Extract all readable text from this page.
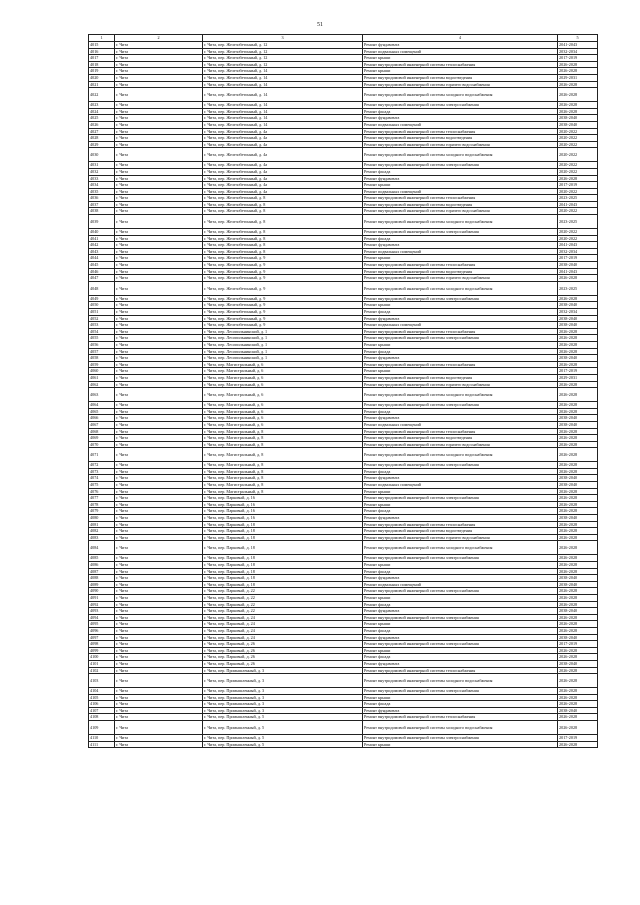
51
1	2	3	4	5
4015	г. Чита	г. Чита, пер. Железобетонный, д. 12	Ремонт фундамента	2041-2043
4016	г. Чита	г. Чита, пер. Железобетонный, д. 12	Ремонт подвальных помещений	2032-2034
4017	г. Чита	г. Чита, пер. Железобетонный, д. 12	Ремонт крыши	2017-2019
4018	г. Чита	г. Чита, пер. Железобетонный, д. 12	Ремонт внутридомовой инженерной системы теплоснабжения	2026-2028
4019	г. Чита	г. Чита, пер. Железобетонный, д. 14	Ремонт крыши	2026-2028
4020	г. Чита	г. Чита, пер. Железобетонный, д. 14	Ремонт внутридомовой инженерной системы водоотведения	2029-2031
4021	г. Чита	г. Чита, пер. Железобетонный, д. 14	Ремонт внутридомовой инженерной системы горячего водоснабжения	2026-2028
4022	г. Чита	г. Чита, пер. Железобетонный, д. 14	Ремонт внутридомовой инженерной системы холодного водоснабжения	2026-2028
4023	г. Чита	г. Чита, пер. Железобетонный, д. 14	Ремонт внутридомовой инженерной системы электроснабжения	2026-2028
4024	г. Чита	г. Чита, пер. Железобетонный, д. 14	Ремонт фасада	2026-2028
4025	г. Чита	г. Чита, пер. Железобетонный, д. 14	Ремонт фундамента	2038-2040
4026	г. Чита	г. Чита, пер. Железобетонный, д. 14	Ремонт подвальных помещений	2038-2040
4027	г. Чита	г. Чита, пер. Железобетонный, д. 4а	Ремонт внутридомовой инженерной системы теплоснабжения	2020-2022
4028	г. Чита	г. Чита, пер. Железобетонный, д. 4а	Ремонт внутридомовой инженерной системы водоотведения	2020-2022
4029	г. Чита	г. Чита, пер. Железобетонный, д. 4а	Ремонт внутридомовой инженерной системы горячего водоснабжения	2020-2022
4030	г. Чита	г. Чита, пер. Железобетонный, д. 4а	Ремонт внутридомовой инженерной системы холодного водоснабжения	2020-2022
4031	г. Чита	г. Чита, пер. Железобетонный, д. 4а	Ремонт внутридомовой инженерной системы электроснабжения	2020-2022
4032	г. Чита	г. Чита, пер. Железобетонный, д. 4а	Ремонт фасада	2020-2022
4033	г. Чита	г. Чита, пер. Железобетонный, д. 4а	Ремонт фундамента	2026-2028
4034	г. Чита	г. Чита, пер. Железобетонный, д. 4а	Ремонт крыши	2017-2019
4035	г. Чита	г. Чита, пер. Железобетонный, д. 4а	Ремонт подвальных помещений	2020-2022
4036	г. Чита	г. Чита, пер. Железобетонный, д. 8	Ремонт внутридомовой инженерной системы теплоснабжения	2023-2025
4037	г. Чита	г. Чита, пер. Железобетонный, д. 8	Ремонт внутридомовой инженерной системы водоотведения	2041-2043
4038	г. Чита	г. Чита, пер. Железобетонный, д. 8	Ремонт внутридомовой инженерной системы горячего водоснабжения	2020-2022
4039	г. Чита	г. Чита, пер. Железобетонный, д. 8	Ремонт внутридомовой инженерной системы холодного водоснабжения	2023-2025
4040	г. Чита	г. Чита, пер. Железобетонный, д. 8	Ремонт внутридомовой инженерной системы электроснабжения	2020-2022
4041	г. Чита	г. Чита, пер. Железобетонный, д. 8	Ремонт фасада	2020-2022
4042	г. Чита	г. Чита, пер. Железобетонный, д. 8	Ремонт фундамента	2041-2043
4043	г. Чита	г. Чита, пер. Железобетонный, д. 8	Ремонт подвальных помещений	2032-2034
4044	г. Чита	г. Чита, пер. Железобетонный, д. 9	Ремонт крыши	2017-2019
4045	г. Чита	г. Чита, пер. Железобетонный, д. 9	Ремонт внутридомовой инженерной системы теплоснабжения	2038-2040
4046	г. Чита	г. Чита, пер. Железобетонный, д. 9	Ремонт внутридомовой инженерной системы водоотведения	2041-2043
4047	г. Чита	г. Чита, пер. Железобетонный, д. 9	Ремонт внутридомовой инженерной системы горячего водоснабжения	2026-2028
4048	г. Чита	г. Чита, пер. Железобетонный, д. 9	Ремонт внутридомовой инженерной системы холодного водоснабжения	2023-2025
4049	г. Чита	г. Чита, пер. Железобетонный, д. 9	Ремонт внутридомовой инженерной системы электроснабжения	2026-2028
4050	г. Чита	г. Чита, пер. Железобетонный, д. 9	Ремонт крыши	2038-2040
4051	г. Чита	г. Чита, пер. Железобетонный, д. 9	Ремонт фасада	2032-2034
4052	г. Чита	г. Чита, пер. Железобетонный, д. 9	Ремонт фундамента	2038-2040
4053	г. Чита	г. Чита, пер. Железобетонный, д. 9	Ремонт подвальных помещений	2038-2040
4054	г. Чита	г. Чита, пер. Лесопильнинский, д. 1	Ремонт внутридомовой инженерной системы теплоснабжения	2026-2028
4055	г. Чита	г. Чита, пер. Лесопильнинский, д. 1	Ремонт внутридомовой инженерной системы электроснабжения	2026-2028
4056	г. Чита	г. Чита, пер. Лесопильнинский, д. 1	Ремонт крыши	2026-2028
4057	г. Чита	г. Чита, пер. Лесопильнинский, д. 1	Ремонт фасада	2026-2028
4058	г. Чита	г. Чита, пер. Лесопильнинский, д. 1	Ремонт фундамента	2038-2040
4059	г. Чита	г. Чита, пер. Магистральный, д. 6	Ремонт внутридомовой инженерной системы теплоснабжения	2026-2028
4060	г. Чита	г. Чита, пер. Магистральный, д. 6	Ремонт крыши	2017-2019
4061	г. Чита	г. Чита, пер. Магистральный, д. 6	Ремонт внутридомовой инженерной системы водоотведения	2029-2031
4062	г. Чита	г. Чита, пер. Магистральный, д. 6	Ремонт внутридомовой инженерной системы горячего водоснабжения	2026-2028
4063	г. Чита	г. Чита, пер. Магистральный, д. 6	Ремонт внутридомовой инженерной системы холодного водоснабжения	2026-2028
4064	г. Чита	г. Чита, пер. Магистральный, д. 6	Ремонт внутридомовой инженерной системы электроснабжения	2026-2028
4065	г. Чита	г. Чита, пер. Магистральный, д. 6	Ремонт фасада	2026-2028
4066	г. Чита	г. Чита, пер. Магистральный, д. 6	Ремонт фундамента	2038-2040
4067	г. Чита	г. Чита, пер. Магистральный, д. 6	Ремонт подвальных помещений	2038-2040
4068	г. Чита	г. Чита, пер. Магистральный, д. 8	Ремонт внутридомовой инженерной системы теплоснабжения	2026-2028
4069	г. Чита	г. Чита, пер. Магистральный, д. 8	Ремонт внутридомовой инженерной системы водоотведения	2026-2028
4070	г. Чита	г. Чита, пер. Магистральный, д. 8	Ремонт внутридомовой инженерной системы горячего водоснабжения	2026-2028
4071	г. Чита	г. Чита, пер. Магистральный, д. 8	Ремонт внутридомовой инженерной системы холодного водоснабжения	2026-2028
4072	г. Чита	г. Чита, пер. Магистральный, д. 8	Ремонт внутридомовой инженерной системы электроснабжения	2026-2028
4073	г. Чита	г. Чита, пер. Магистральный, д. 8	Ремонт фасада	2026-2028
4074	г. Чита	г. Чита, пер. Магистральный, д. 8	Ремонт фундамента	2038-2040
4075	г. Чита	г. Чита, пер. Магистральный, д. 8	Ремонт подвальных помещений	2038-2040
4076	г. Чита	г. Чита, пер. Магистральный, д. 8	Ремонт крыши	2026-2028
4077	г. Чита	г. Чита, пер. Парковый, д. 16	Ремонт внутридомовой инженерной системы электроснабжения	2026-2028
4078	г. Чита	г. Чита, пер. Парковый, д. 16	Ремонт крыши	2026-2028
4079	г. Чита	г. Чита, пер. Парковый, д. 16	Ремонт фасада	2026-2028
4080	г. Чита	г. Чита, пер. Парковый, д. 16	Ремонт фундамента	2038-2040
4081	г. Чита	г. Чита, пер. Парковый, д. 18	Ремонт внутридомовой инженерной системы теплоснабжения	2026-2028
4082	г. Чита	г. Чита, пер. Парковый, д. 18	Ремонт внутридомовой инженерной системы водоотведения	2026-2028
4083	г. Чита	г. Чита, пер. Парковый, д. 18	Ремонт внутридомовой инженерной системы горячего водоснабжения	2026-2028
4084	г. Чита	г. Чита, пер. Парковый, д. 18	Ремонт внутридомовой инженерной системы холодного водоснабжения	2026-2028
4085	г. Чита	г. Чита, пер. Парковый, д. 18	Ремонт внутридомовой инженерной системы электроснабжения	2026-2028
4086	г. Чита	г. Чита, пер. Парковый, д. 18	Ремонт крыши	2026-2028
4087	г. Чита	г. Чита, пер. Парковый, д. 18	Ремонт фасада	2026-2028
4088	г. Чита	г. Чита, пер. Парковый, д. 18	Ремонт фундамента	2038-2040
4089	г. Чита	г. Чита, пер. Парковый, д. 18	Ремонт подвальных помещений	2038-2040
4090	г. Чита	г. Чита, пер. Парковый, д. 22	Ремонт внутридомовой инженерной системы электроснабжения	2026-2028
4091	г. Чита	г. Чита, пер. Парковый, д. 22	Ремонт крыши	2026-2028
4092	г. Чита	г. Чита, пер. Парковый, д. 22	Ремонт фасада	2026-2028
4093	г. Чита	г. Чита, пер. Парковый, д. 22	Ремонт фундамента	2038-2040
4094	г. Чита	г. Чита, пер. Парковый, д. 24	Ремонт внутридомовой инженерной системы электроснабжения	2026-2028
4095	г. Чита	г. Чита, пер. Парковый, д. 24	Ремонт крыши	2026-2028
4096	г. Чита	г. Чита, пер. Парковый, д. 24	Ремонт фасада	2026-2028
4097	г. Чита	г. Чита, пер. Парковый, д. 24	Ремонт фундамента	2038-2040
4098	г. Чита	г. Чита, пер. Парковый, д. 26	Ремонт внутридомовой инженерной системы электроснабжения	2017-2019
4099	г. Чита	г. Чита, пер. Парковый, д. 26	Ремонт крыши	2026-2028
4100	г. Чита	г. Чита, пер. Парковый, д. 26	Ремонт фасада	2026-2028
4101	г. Чита	г. Чита, пер. Парковый, д. 26	Ремонт фундамента	2038-2040
4102	г. Чита	г. Чита, пер. Промышленный, д. 3	Ремонт внутридомовой инженерной системы теплоснабжения	2026-2028
4103	г. Чита	г. Чита, пер. Промышленный, д. 3	Ремонт внутридомовой инженерной системы холодного водоснабжения	2026-2028
4104	г. Чита	г. Чита, пер. Промышленный, д. 3	Ремонт внутридомовой инженерной системы электроснабжения	2026-2028
4105	г. Чита	г. Чита, пер. Промышленный, д. 3	Ремонт крыши	2026-2028
4106	г. Чита	г. Чита, пер. Промышленный, д. 3	Ремонт фасада	2026-2028
4107	г. Чита	г. Чита, пер. Промышленный, д. 3	Ремонт фундамента	2038-2040
4108	г. Чита	г. Чита, пер. Промышленный, д. 5	Ремонт внутридомовой инженерной системы теплоснабжения	2026-2028
4109	г. Чита	г. Чита, пер. Промышленный, д. 5	Ремонт внутридомовой инженерной системы холодного водоснабжения	2026-2028
4110	г. Чита	г. Чита, пер. Промышленный, д. 5	Ремонт внутридомовой инженерной системы электроснабжения	2017-2019
4111	г. Чита	г. Чита, пер. Промышленный, д. 5	Ремонт крыши	2026-2028
